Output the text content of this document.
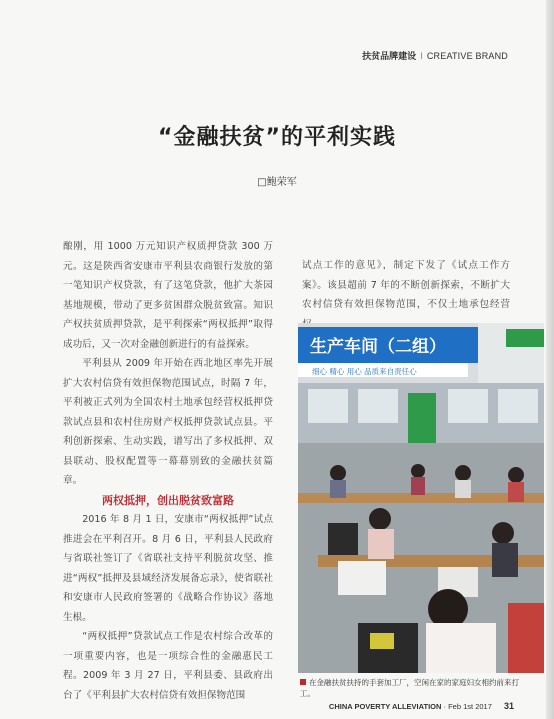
扶贫品牌建设 I CREATIVE BRAND
“金融扶贫”的平利实践
□鲍荣军

酿刚，用 1000 万元知识产权质押贷款 300 万元。这是陕西省安康市平利县农商银行发放的第一笔知识产权贷款，有了这笔贷款，他扩大茶园基地规模，带动了更多贫困群众脱贫致富。知识产权扶贫质押贷款，是平利探索“两权抵押”取得成功后，又一次对金融创新进行的有益探索。

平利县从 2009 年开始在西北地区率先开展扩大农村信贷有效担保物范围试点，时隔 7 年，平利被正式列为全国农村土地承包经营权抵押贷款试点县和农村住房财产权抵押贷款试点县。平利创新探索、生动实践，谱写出了多权抵押、双县联动、股权配置等一幕幕别致的金融扶贫篇章。

两权抵押，创出脱贫致富路

2016 年 8 月 1 日，安康市“两权抵押”试点推进会在平利召开。8 月 6 日，平利县人民政府与省联社签订了《省联社支持平利脱贫攻坚、推进“两权”抵押及县域经济发展备忘录》，使省联社和安康市人民政府签署的《战略合作协议》落地生根。

“两权抵押”贷款试点工作是农村综合改革的一项重要内容，也是一项综合性的金融惠民工程。2009 年 3 月 27 日，平利县委、县政府出台了《平利县扩大农村信贷有效担保物范围

试点工作的意见》，制定下发了《试点工作方案》。该县超前 7 年的不断创新探索，不断扩大农村信贷有效担保物范围，不仅土地承包经营

生产车间（二组）
细心 精心 用心 品质来自责任心
在金融扶贫扶持的手套加工厂，空闲在家的家庭妇女相约前来打工。
CHINA POVERTY ALLEVIATION · Feb 1st 2017 31
